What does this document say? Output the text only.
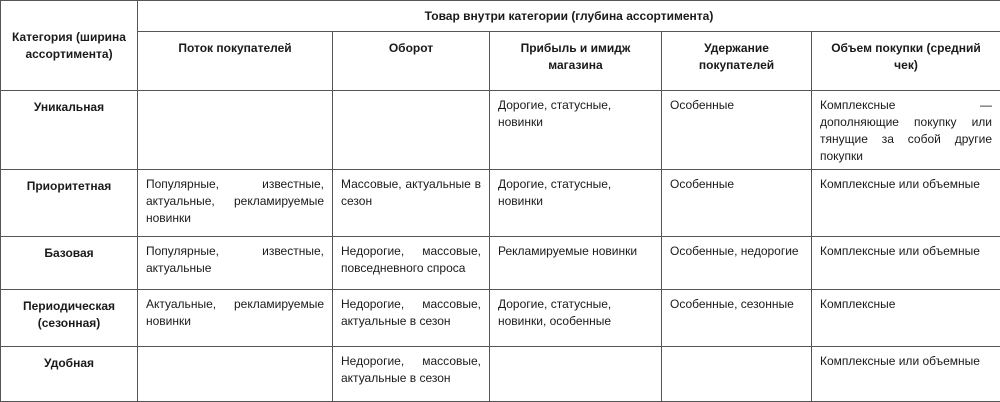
Категория (ширина ассортимента)	Товар внутри категории (глубина ассортимента)				
	Поток покупателей	Оборот	Прибыль и имидж магазина	Удержание покупателей	Объем покупки (средний чек)
Уникальная			Дорогие, статусные, новинки	Особенные	Комплексные — дополняющие покупку или тянущие за собой другие покупки
Приоритетная	Популярные, известные, актуальные, рекламируемые новинки	Массовые, актуальные в сезон	Дорогие, статусные, новинки	Особенные	Комплексные или объемные
Базовая	Популярные, известные, актуальные	Недорогие, массовые, повседневного спроса	Рекламируемые новинки	Особенные, недорогие	Комплексные или объемные
Периодическая (сезонная)	Актуальные, рекламируемые новинки	Недорогие, массовые, актуальные в сезон	Дорогие, статусные, новинки, особенные	Особенные, сезонные	Комплексные
Удобная		Недорогие, массовые, актуальные в сезон			Комплексные или объемные
